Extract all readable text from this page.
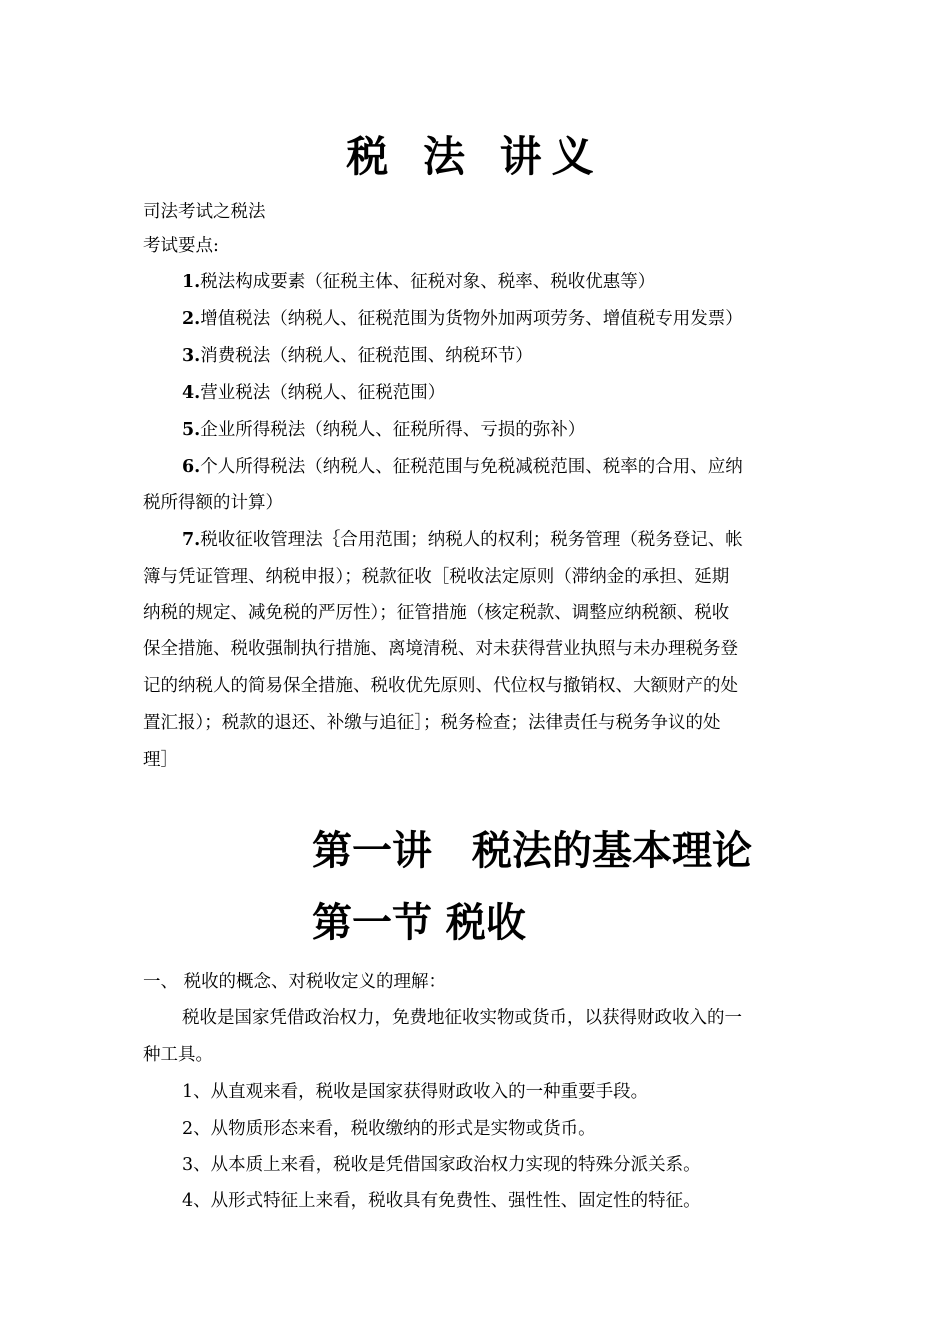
税 法 讲义

司法考试之税法

考试要点:

1.税法构成要素（征税主体、征税对象、税率、税收优惠等）

2.增值税法（纳税人、征税范围为货物外加两项劳务、增值税专用发票）

3.消费税法（纳税人、征税范围、纳税环节）

4.营业税法（纳税人、征税范围）

5.企业所得税法（纳税人、征税所得、亏损的弥补）

6.个人所得税法（纳税人、征税范围与免税减税范围、税率的合用、应纳

税所得额的计算）

7.税收征收管理法｛合用范围；纳税人的权利；税务管理（税务登记、帐

簿与凭证管理、纳税申报）；税款征收［税收法定原则（滞纳金的承担、延期

纳税的规定、减免税的严厉性）；征管措施（核定税款、调整应纳税额、税收

保全措施、税收强制执行措施、离境清税、对未获得营业执照与未办理税务登

记的纳税人的简易保全措施、税收优先原则、代位权与撤销权、大额财产的处

置汇报）；税款的退还、补缴与追征］；税务检查；法律责任与税务争议的处

理］

第一讲　税法的基本理论
第一节 税收

一、 税收的概念、对税收定义的理解：

税收是国家凭借政治权力，免费地征收实物或货币，以获得财政收入的一

种工具。

1、从直观来看，税收是国家获得财政收入的一种重要手段。

2、从物质形态来看，税收缴纳的形式是实物或货币。

3、从本质上来看，税收是凭借国家政治权力实现的特殊分派关系。

4、从形式特征上来看，税收具有免费性、强性性、固定性的特征。
